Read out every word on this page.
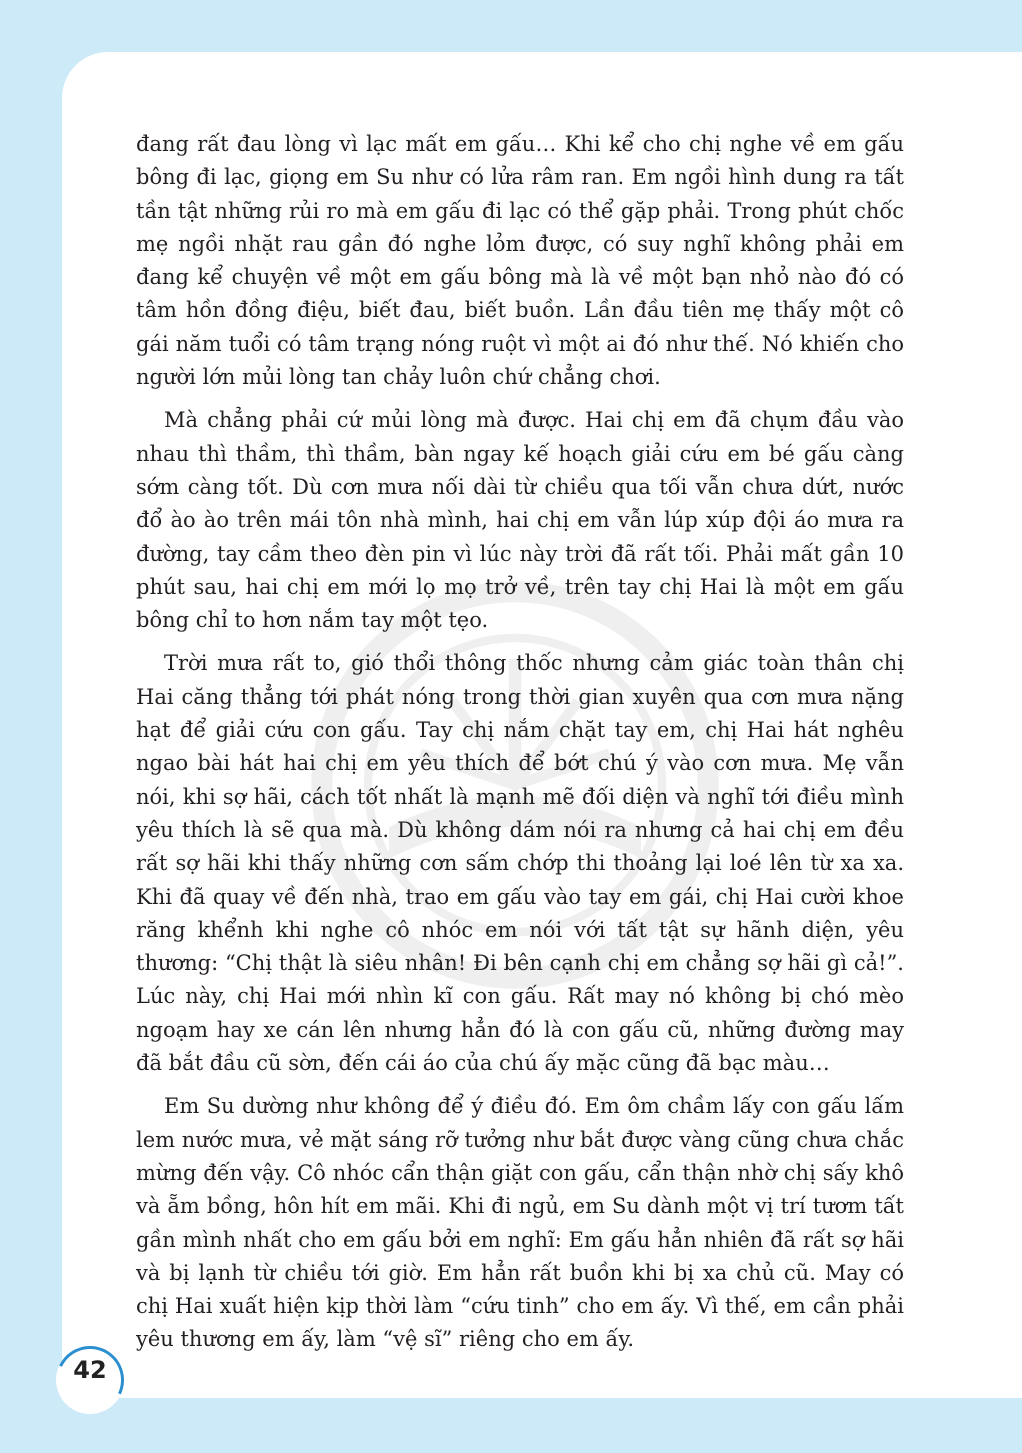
đang rất đau lòng vì lạc mất em gấu… Khi kể cho chị nghe về em gấu bông đi lạc, giọng em Su như có lửa râm ran. Em ngồi hình dung ra tất tần tật những rủi ro mà em gấu đi lạc có thể gặp phải. Trong phút chốc mẹ ngồi nhặt rau gần đó nghe lỏm được, có suy nghĩ không phải em đang kể chuyện về một em gấu bông mà là về một bạn nhỏ nào đó có tâm hồn đồng điệu, biết đau, biết buồn. Lần đầu tiên mẹ thấy một cô gái năm tuổi có tâm trạng nóng ruột vì một ai đó như thế. Nó khiến cho người lớn mủi lòng tan chảy luôn chứ chẳng chơi.

Mà chẳng phải cứ mủi lòng mà được. Hai chị em đã chụm đầu vào nhau thì thầm, thì thầm, bàn ngay kế hoạch giải cứu em bé gấu càng sớm càng tốt. Dù cơn mưa nối dài từ chiều qua tối vẫn chưa dứt, nước đổ ào ào trên mái tôn nhà mình, hai chị em vẫn lúp xúp đội áo mưa ra đường, tay cầm theo đèn pin vì lúc này trời đã rất tối. Phải mất gần 10 phút sau, hai chị em mới lọ mọ trở về, trên tay chị Hai là một em gấu bông chỉ to hơn nắm tay một tẹo.

Trời mưa rất to, gió thổi thông thốc nhưng cảm giác toàn thân chị Hai căng thẳng tới phát nóng trong thời gian xuyên qua cơn mưa nặng hạt để giải cứu con gấu. Tay chị nắm chặt tay em, chị Hai hát nghêu ngao bài hát hai chị em yêu thích để bớt chú ý vào cơn mưa. Mẹ vẫn nói, khi sợ hãi, cách tốt nhất là mạnh mẽ đối diện và nghĩ tới điều mình yêu thích là sẽ qua mà. Dù không dám nói ra nhưng cả hai chị em đều rất sợ hãi khi thấy những cơn sấm chớp thi thoảng lại loé lên từ xa xa. Khi đã quay về đến nhà, trao em gấu vào tay em gái, chị Hai cười khoe răng khểnh khi nghe cô nhóc em nói với tất tật sự hãnh diện, yêu thương: “Chị thật là siêu nhân! Đi bên cạnh chị em chẳng sợ hãi gì cả!”. Lúc này, chị Hai mới nhìn kĩ con gấu. Rất may nó không bị chó mèo ngoạm hay xe cán lên nhưng hẳn đó là con gấu cũ, những đường may đã bắt đầu cũ sờn, đến cái áo của chú ấy mặc cũng đã bạc màu…

Em Su dường như không để ý điều đó. Em ôm chầm lấy con gấu lấm lem nước mưa, vẻ mặt sáng rỡ tưởng như bắt được vàng cũng chưa chắc mừng đến vậy. Cô nhóc cẩn thận giặt con gấu, cẩn thận nhờ chị sấy khô và ẵm bồng, hôn hít em mãi. Khi đi ngủ, em Su dành một vị trí tươm tất gần mình nhất cho em gấu bởi em nghĩ: Em gấu hẳn nhiên đã rất sợ hãi và bị lạnh từ chiều tới giờ. Em hẳn rất buồn khi bị xa chủ cũ. May có chị Hai xuất hiện kịp thời làm “cứu tinh” cho em ấy. Vì thế, em cần phải yêu thương em ấy, làm “vệ sĩ” riêng cho em ấy.

42
